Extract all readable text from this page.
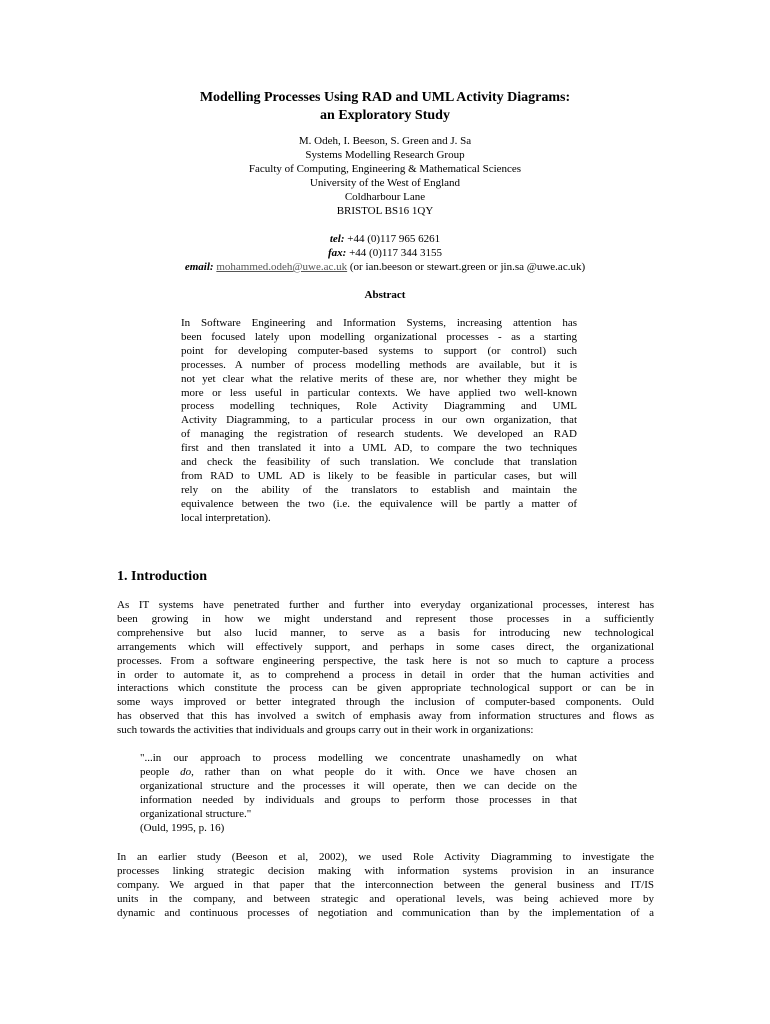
Modelling Processes Using RAD and UML Activity Diagrams:
an Exploratory Study
M. Odeh, I. Beeson, S. Green and J. Sa
Systems Modelling Research Group
Faculty of Computing, Engineering & Mathematical Sciences
University of the West of England
Coldharbour Lane
BRISTOL BS16 1QY
tel: +44 (0)117 965 6261
fax: +44 (0)117 344 3155
email: mohammed.odeh@uwe.ac.uk (or ian.beeson or stewart.green or jin.sa @uwe.ac.uk)
Abstract
In Software Engineering and Information Systems, increasing attention has
been focused lately upon modelling organizational processes - as a starting
point for developing computer-based systems to support (or control) such
processes. A number of process modelling methods are available, but it is
not yet clear what the relative merits of these are, nor whether they might be
more or less useful in particular contexts. We have applied two well-known
process modelling techniques, Role Activity Diagramming and UML
Activity Diagramming, to a particular process in our own organization, that
of managing the registration of research students. We developed an RAD
first and then translated it into a UML AD, to compare the two techniques
and check the feasibility of such translation. We conclude that translation
from RAD to UML AD is likely to be feasible in particular cases, but will
rely on the ability of the translators to establish and maintain the
equivalence between the two (i.e. the equivalence will be partly a matter of
local interpretation).
1. Introduction
As IT systems have penetrated further and further into everyday organizational processes, interest has
been growing in how we might understand and represent those processes in a sufficiently
comprehensive but also lucid manner, to serve as a basis for introducing new technological
arrangements which will effectively support, and perhaps in some cases direct, the organizational
processes. From a software engineering perspective, the task here is not so much to capture a process
in order to automate it, as to comprehend a process in detail in order that the human activities and
interactions which constitute the process can be given appropriate technological support or can be in
some ways improved or better integrated through the inclusion of computer-based components. Ould
has observed that this has involved a switch of emphasis away from information structures and flows as
such towards the activities that individuals and groups carry out in their work in organizations:
"...in our approach to process modelling we concentrate unashamedly on what
people do, rather than on what people do it with. Once we have chosen an
organizational structure and the processes it will operate, then we can decide on the
information needed by individuals and groups to perform those processes in that
organizational structure."
(Ould, 1995, p. 16)
In an earlier study (Beeson et al, 2002), we used Role Activity Diagramming to investigate the
processes linking strategic decision making with information systems provision in an insurance
company. We argued in that paper that the interconnection between the general business and IT/IS
units in the company, and between strategic and operational levels, was being achieved more by
dynamic and continuous processes of negotiation and communication than by the implementation of a
